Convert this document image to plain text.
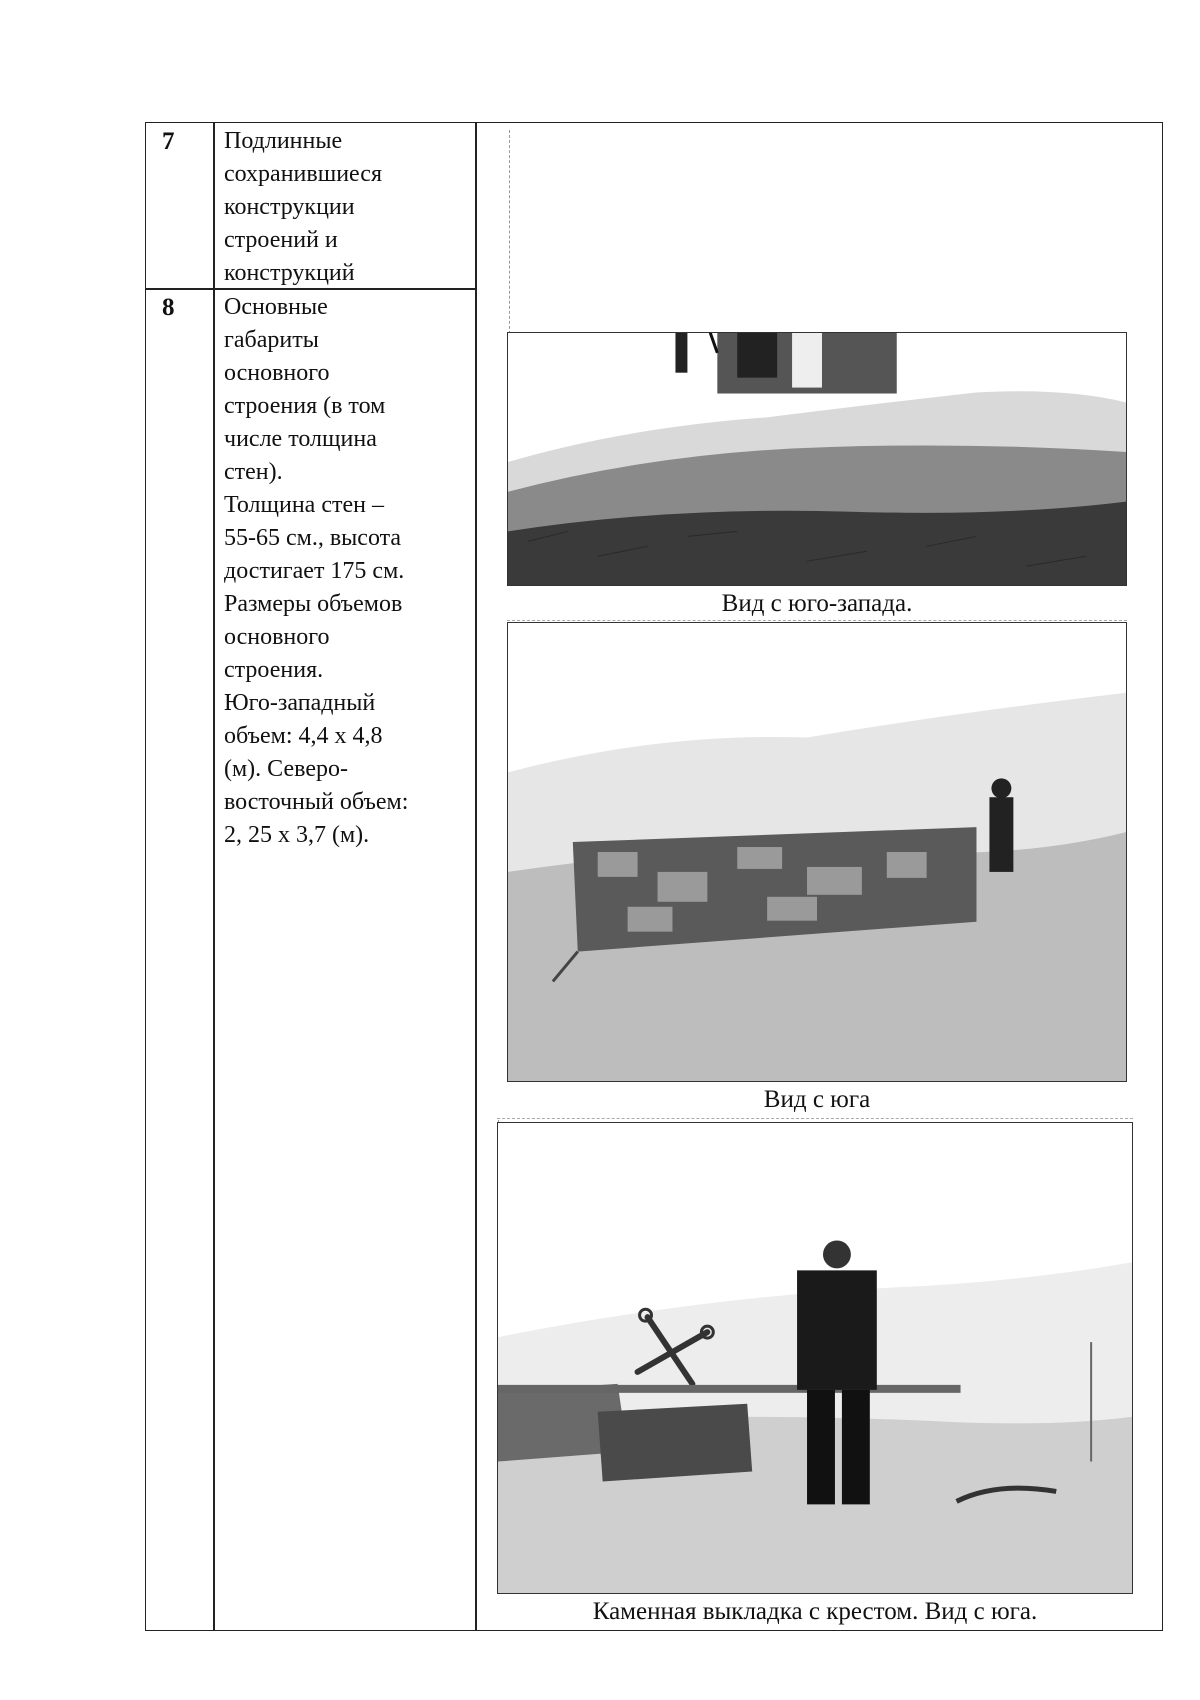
7 Подлинные
сохранившиеся
конструкции
строений и
конструкций
8 Основные
габариты
основного
строения (в том
числе толщина
стен).
Толщина стен –
55-65 см., высота
достигает 175 см.
Размеры объемов
основного
строения.
Юго-западный
объем: 4,4 х 4,8
(м). Северо-
восточный объем:
2, 25 х 3,7 (м).
Вид с юго-запада.
Вид с юга
Каменная выкладка с крестом. Вид с юга.
